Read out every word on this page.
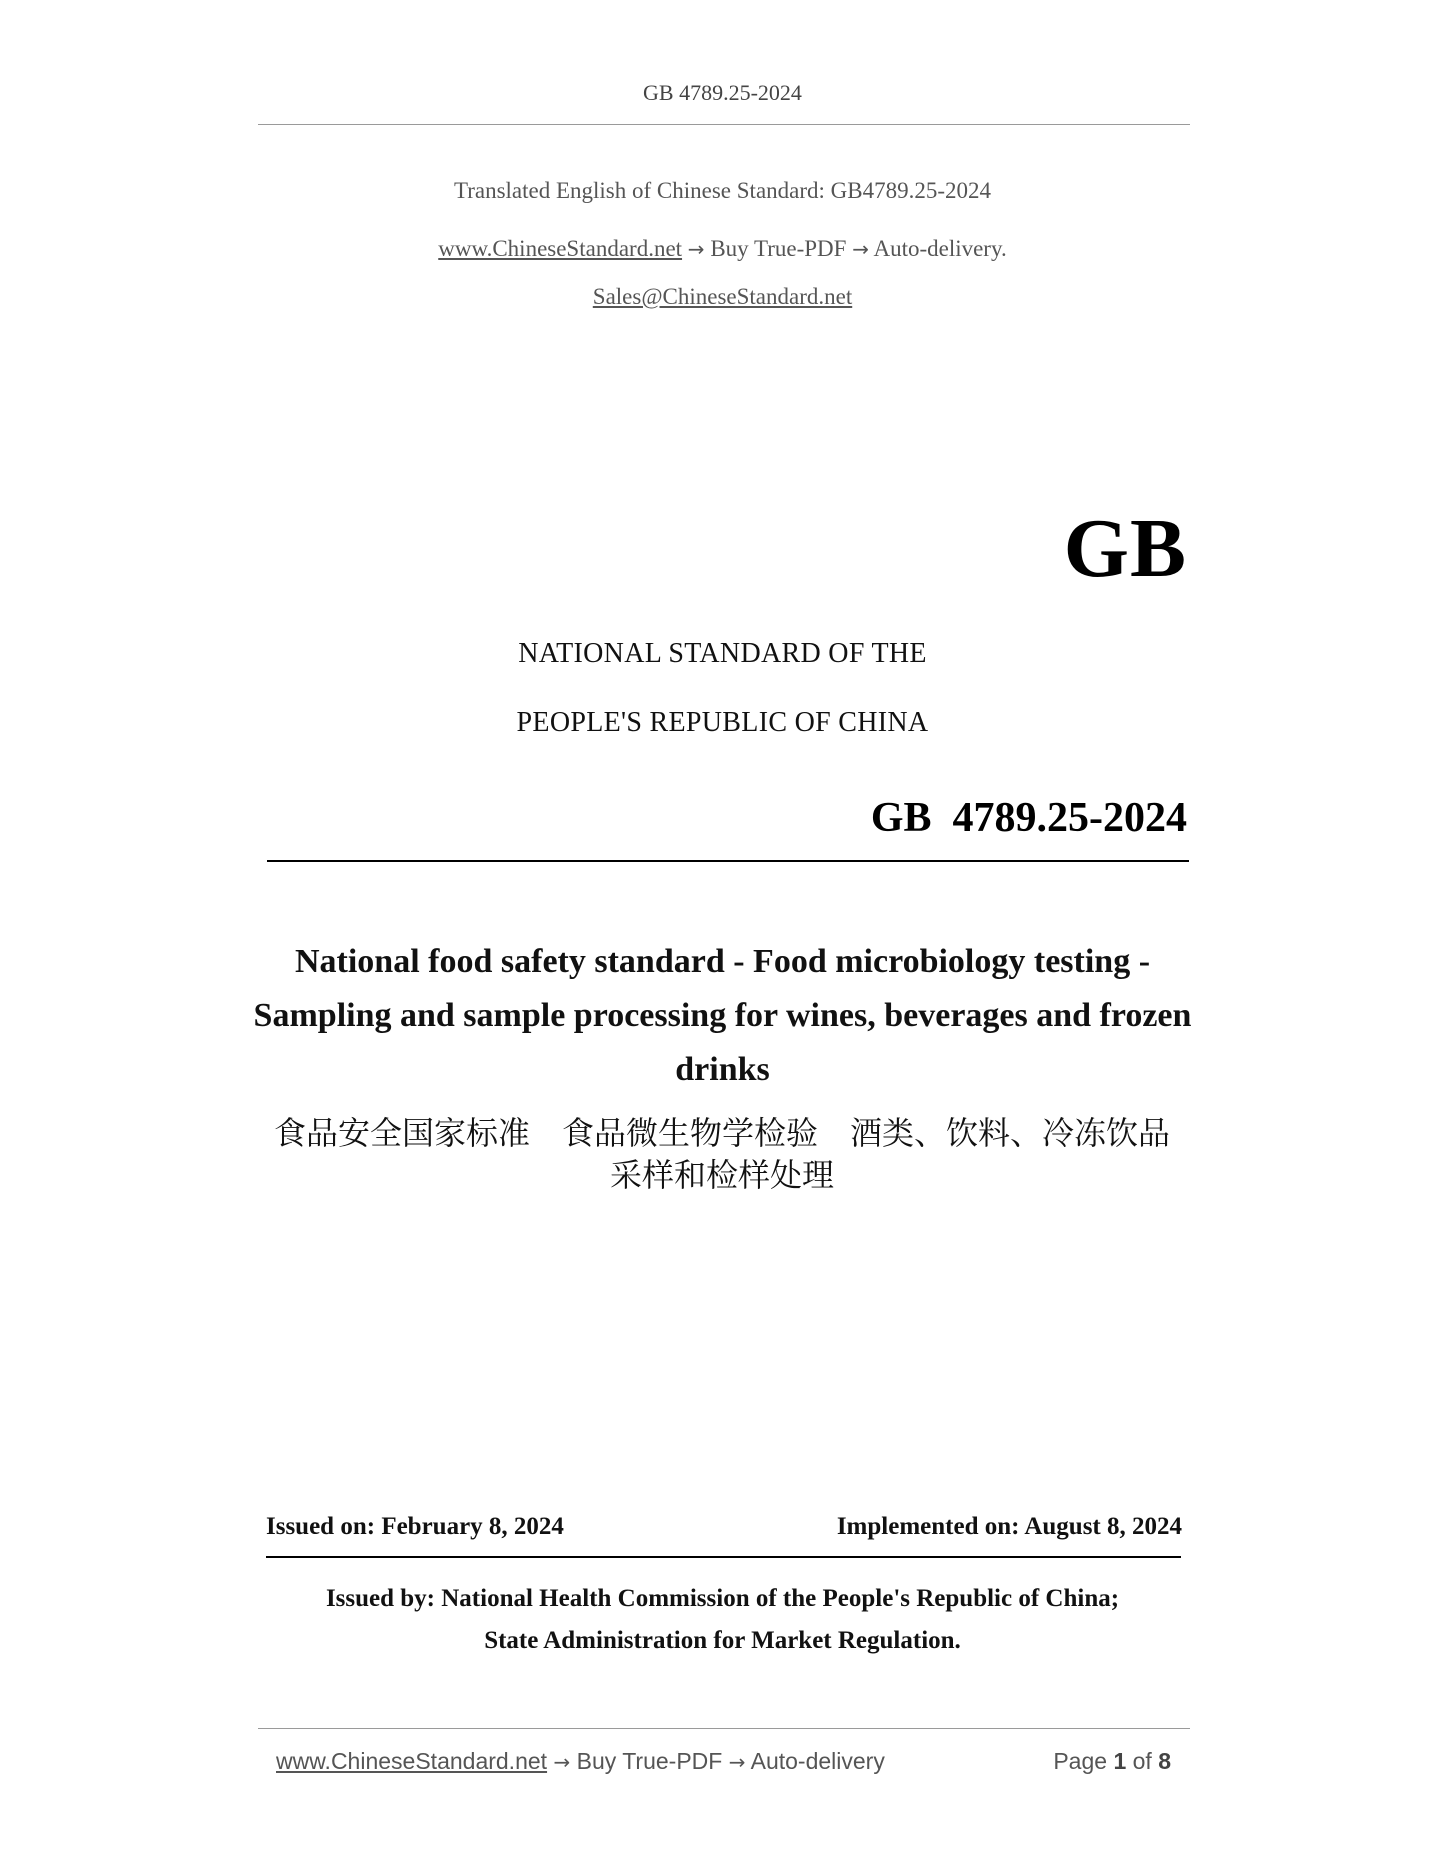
GB 4789.25-2024
Translated English of Chinese Standard: GB4789.25-2024
www.ChineseStandard.net → Buy True-PDF → Auto-delivery.
Sales@ChineseStandard.net
GB
NATIONAL STANDARD OF THE
PEOPLE'S REPUBLIC OF CHINA
GB  4789.25-2024
National food safety standard - Food microbiology testing - Sampling and sample processing for wines, beverages and frozen drinks
食品安全国家标准　食品微生物学检验　酒类、饮料、冷冻饮品采样和检样处理
Issued on: February 8, 2024	Implemented on: August 8, 2024
Issued by: National Health Commission of the People's Republic of China;
State Administration for Market Regulation.
www.ChineseStandard.net → Buy True-PDF → Auto-delivery	Page 1 of 8
